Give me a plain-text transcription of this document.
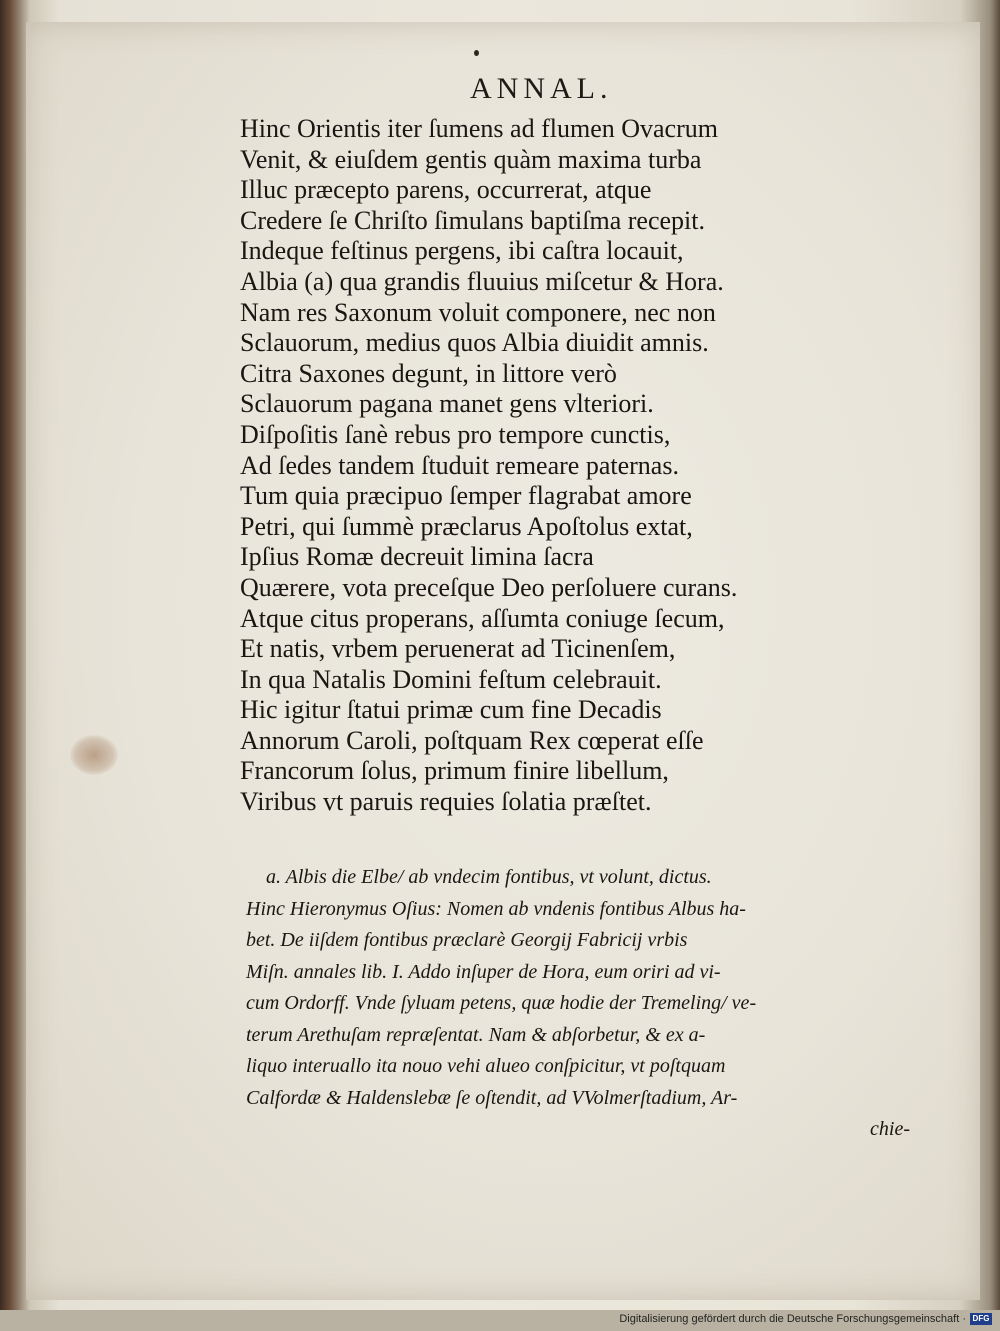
ANNAL.
Hinc Orientis iter ſumens ad flumen Ovacrum
Venit, & eiuſdem gentis quàm maxima turba
Illuc præcepto parens, occurrerat, atque
Credere ſe Chriſto ſimulans baptiſma recepit.
Indeque feſtinus pergens, ibi caſtra locauit,
Albia (a) qua grandis fluuius miſcetur & Hora.
Nam res Saxonum voluit componere, nec non
Sclauorum, medius quos Albia diuidit amnis.
Citra Saxones degunt, in littore verò
Sclauorum pagana manet gens vlteriori.
Diſpoſitis ſanè rebus pro tempore cunctis,
Ad ſedes tandem ſtuduit remeare paternas.
Tum quia præcipuo ſemper flagrabat amore
Petri, qui ſummè præclarus Apoſtolus extat,
Ipſius Romæ decreuit limina ſacra
Quærere, vota preceſque Deo perſoluere curans.
Atque citus properans, aſſumta coniuge ſecum,
Et natis, vrbem peruenerat ad Ticinenſem,
In qua Natalis Domini feſtum celebrauit.
Hic igitur ſtatui primæ cum fine Decadis
Annorum Caroli, poſtquam Rex cœperat eſſe
Francorum ſolus, primum finire libellum,
Viribus vt paruis requies ſolatia præſtet.
a. Albis die Elbe/ ab vndecim fontibus, vt volunt, dictus.
Hinc Hieronymus Oſius: Nomen ab vndenis fontibus Albus ha-
bet. De iiſdem fontibus præclarè Georgij Fabricij vrbis
Miſn. annales lib. I. Addo inſuper de Hora, eum oriri ad vi-
cum Ordorff. Vnde ſyluam petens, quæ hodie der Tremeling/ ve-
terum Arethuſam repræſentat. Nam & abſorbetur, & ex a-
liquo interuallo ita nouo vehi alueo conſpicitur, vt poſtquam
Calfordæ & Haldenslebæ ſe oſtendit, ad VVolmerſtadium, Ar-
chie-
Digitalisierung gefördert durch die Deutsche Forschungsgemeinschaft · DFG
